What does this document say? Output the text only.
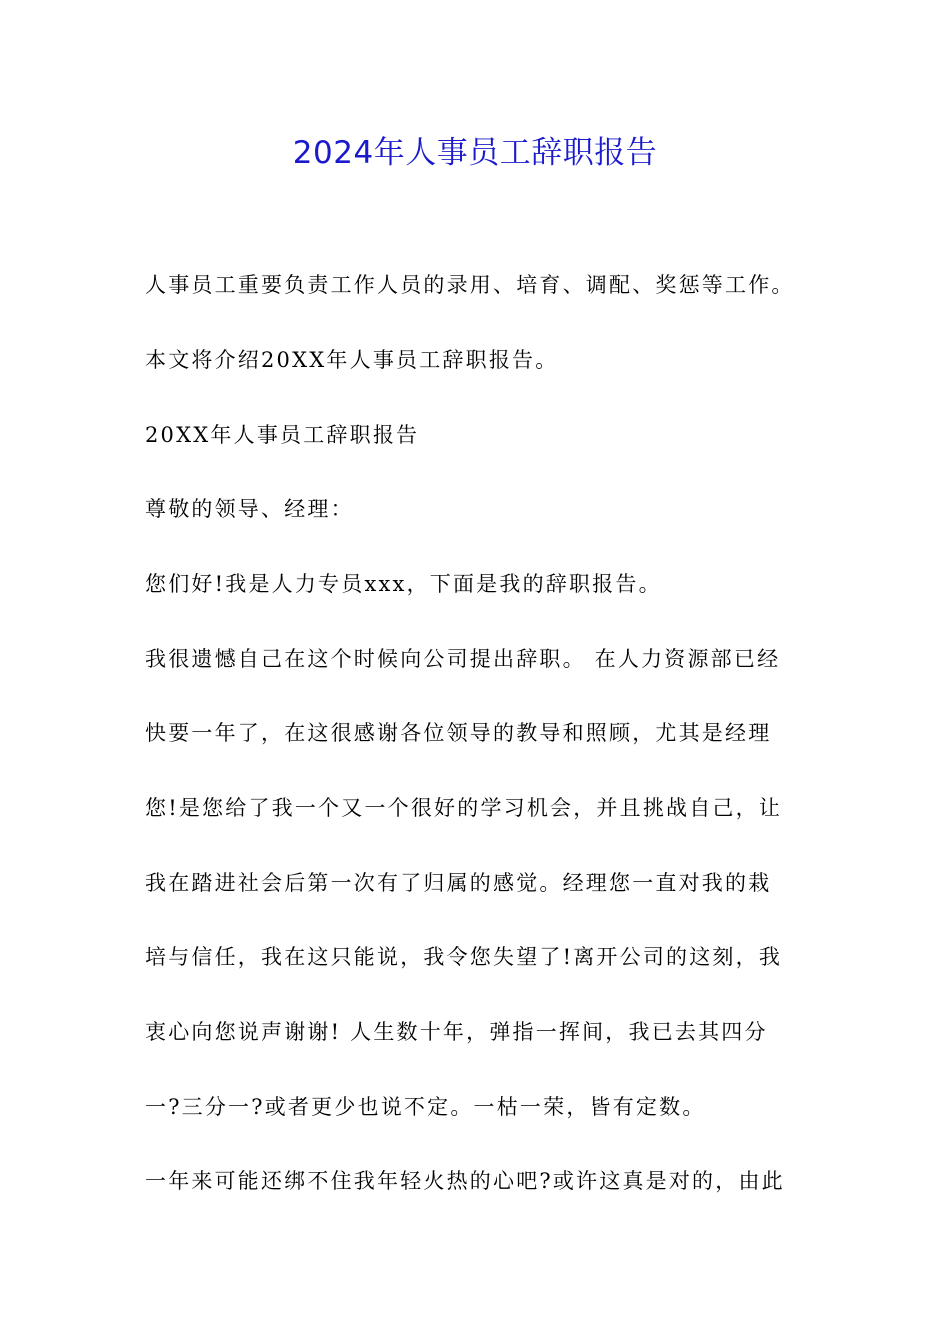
2024年人事员工辞职报告
人事员工重要负责工作人员的录用、培育、调配、奖惩等工作。
本文将介绍20XX年人事员工辞职报告。
20XX年人事员工辞职报告
尊敬的领导、经理：
您们好!我是人力专员xxx，下面是我的辞职报告。
我很遗憾自己在这个时候向公司提出辞职。 在人力资源部已经
快要一年了，在这很感谢各位领导的教导和照顾，尤其是经理
您!是您给了我一个又一个很好的学习机会，并且挑战自己，让
我在踏进社会后第一次有了归属的感觉。经理您一直对我的栽
培与信任，我在这只能说，我令您失望了!离开公司的这刻，我
衷心向您说声谢谢! 人生数十年，弹指一挥间，我已去其四分
一?三分一?或者更少也说不定。一枯一荣，皆有定数。
一年来可能还绑不住我年轻火热的心吧?或许这真是对的，由此
